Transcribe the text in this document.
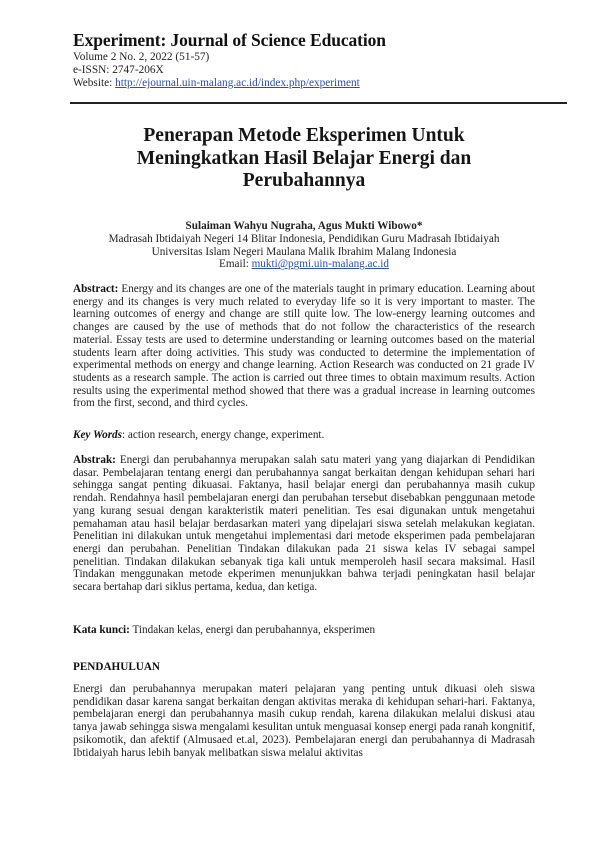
Experiment: Journal of Science Education
Volume 2 No. 2, 2022 (51-57)
e-ISSN: 2747-206X
Website: http://ejournal.uin-malang.ac.id/index.php/experiment
Penerapan Metode Eksperimen Untuk
Meningkatkan Hasil Belajar Energi dan
Perubahannya
Sulaiman Wahyu Nugraha, Agus Mukti Wibowo*
Madrasah Ibtidaiyah Negeri 14 Blitar Indonesia, Pendidikan Guru Madrasah Ibtidaiyah
Universitas Islam Negeri Maulana Malik Ibrahim Malang Indonesia
Email: mukti@pgmi.uin-malang.ac.id
Abstract: Energy and its changes are one of the materials taught in primary education. Learning about energy and its changes is very much related to everyday life so it is very important to master. The learning outcomes of energy and change are still quite low. The low-energy learning outcomes and changes are caused by the use of methods that do not follow the characteristics of the research material. Essay tests are used to determine understanding or learning outcomes based on the material students learn after doing activities. This study was conducted to determine the implementation of experimental methods on energy and change learning. Action Research was conducted on 21 grade IV students as a research sample. The action is carried out three times to obtain maximum results. Action results using the experimental method showed that there was a gradual increase in learning outcomes from the first, second, and third cycles.
Key Words: action research, energy change, experiment.
Abstrak: Energi dan perubahannya merupakan salah satu materi yang yang diajarkan di Pendidikan dasar. Pembelajaran tentang energi dan perubahannya sangat berkaitan dengan kehidupan sehari hari sehingga sangat penting dikuasai. Faktanya, hasil belajar energi dan perubahannya masih cukup rendah. Rendahnya hasil pembelajaran energi dan perubahan tersebut disebabkan penggunaan metode yang kurang sesuai dengan karakteristik materi penelitian. Tes esai digunakan untuk mengetahui pemahaman atau hasil belajar berdasarkan materi yang dipelajari siswa setelah melakukan kegiatan. Penelitian ini dilakukan untuk mengetahui implementasi dari metode eksperimen pada pembelajaran energi dan perubahan. Penelitian Tindakan dilakukan pada 21 siswa kelas IV sebagai sampel penelitian. Tindakan dilakukan sebanyak tiga kali untuk memperoleh hasil secara maksimal. Hasil Tindakan menggunakan metode ekperimen menunjukkan bahwa terjadi peningkatan hasil belajar secara bertahap dari siklus pertama, kedua, dan ketiga.
Kata kunci: Tindakan kelas, energi dan perubahannya, eksperimen
PENDAHULUAN
Energi dan perubahannya merupakan materi pelajaran yang penting untuk dikuasi oleh siswa pendidikan dasar karena sangat berkaitan dengan aktivitas meraka di kehidupan sehari-hari. Faktanya, pembelajaran energi dan perubahannya masih cukup rendah, karena dilakukan melalui diskusi atau tanya jawab sehingga siswa mengalami kesulitan untuk menguasai konsep energi pada ranah kongnitif, psikomotik, dan afektif (Almusaed et.al, 2023). Pembelajaran energi dan perubahannya di Madrasah Ibtidaiyah harus lebih banyak melibatkan siswa melalui aktivitas
